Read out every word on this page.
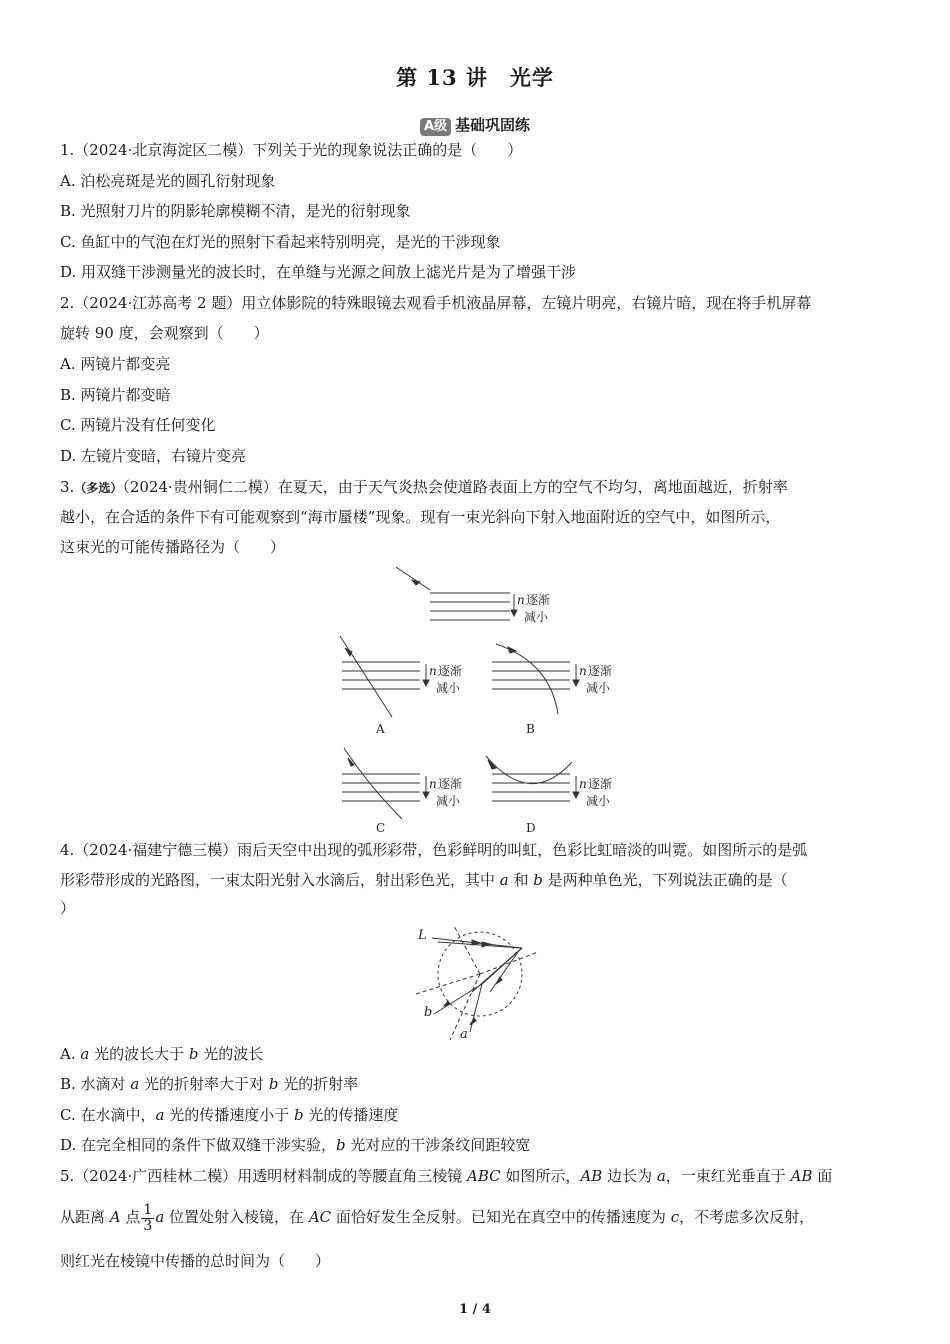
第 13 讲　光学
A级 基础巩固练
1.（2024·北京海淀区二模）下列关于光的现象说法正确的是（　　）
A. 泊松亮斑是光的圆孔衍射现象
B. 光照射刀片的阴影轮廓模糊不清，是光的衍射现象
C. 鱼缸中的气泡在灯光的照射下看起来特别明亮，是光的干涉现象
D. 用双缝干涉测量光的波长时，在单缝与光源之间放上滤光片是为了增强干涉
2.（2024·江苏高考 2 题）用立体影院的特殊眼镜去观看手机液晶屏幕，左镜片明亮，右镜片暗，现在将手机屏幕
旋转 90 度，会观察到（　　）
A. 两镜片都变亮
B. 两镜片都变暗
C. 两镜片没有任何变化
D. 左镜片变暗，右镜片变亮
3.（多选）（2024·贵州铜仁二模）在夏天，由于天气炎热会使道路表面上方的空气不均匀，离地面越近，折射率
越小，在合适的条件下有可能观察到“海市蜃楼”现象。现有一束光斜向下射入地面附近的空气中，如图所示，
这束光的可能传播路径为（　　）
n 逐渐
减小
n 逐渐
减小
A
n 逐渐
减小
B
n 逐渐
减小
C
n 逐渐
减小
D
4.（2024·福建宁德三模）雨后天空中出现的弧形彩带，色彩鲜明的叫虹，色彩比虹暗淡的叫霓。如图所示的是弧
形彩带形成的光路图，一束太阳光射入水滴后，射出彩色光，其中 a 和 b 是两种单色光，下列说法正确的是（
）
L
a
b
A. a 光的波长大于 b 光的波长
B. 水滴对 a 光的折射率大于对 b 光的折射率
C. 在水滴中，a 光的传播速度小于 b 光的传播速度
D. 在完全相同的条件下做双缝干涉实验，b 光对应的干涉条纹间距较宽
5.（2024·广西桂林二模）用透明材料制成的等腰直角三棱镜 ABC 如图所示，AB 边长为 a，一束红光垂直于 AB 面
从距离 A 点 $\frac{1}{3}$ a 位置处射入棱镜，在 AC 面恰好发生全反射。已知光在真空中的传播速度为 c，不考虑多次反射，
则红光在棱镜中传播的总时间为（　　）
1 / 4
